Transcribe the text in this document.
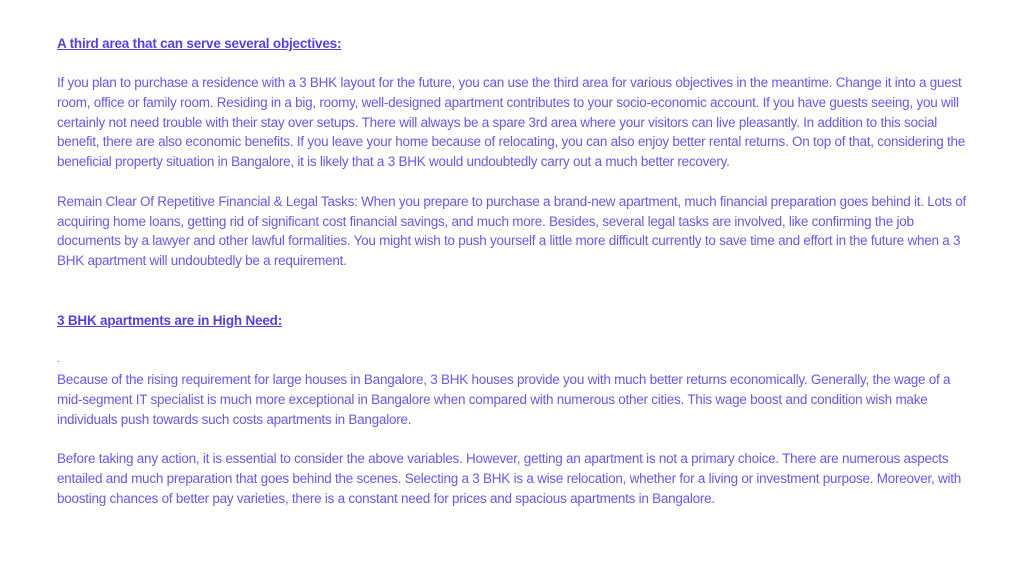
A third area that can serve several objectives:

If you plan to purchase a residence with a 3 BHK layout for the future, you can use the third area for various objectives in the meantime. Change it into a guest room, office or family room. Residing in a big, roomy, well-designed apartment contributes to your socio-economic account. If you have guests seeing, you will certainly not need trouble with their stay over setups. There will always be a spare 3rd area where your visitors can live pleasantly. In addition to this social benefit, there are also economic benefits. If you leave your home because of relocating, you can also enjoy better rental returns. On top of that, considering the beneficial property situation in Bangalore, it is likely that a 3 BHK would undoubtedly carry out a much better recovery.

Remain Clear Of Repetitive Financial & Legal Tasks: When you prepare to purchase a brand-new apartment, much financial preparation goes behind it. Lots of acquiring home loans, getting rid of significant cost financial savings, and much more. Besides, several legal tasks are involved, like confirming the job documents by a lawyer and other lawful formalities. You might wish to push yourself a little more difficult currently to save time and effort in the future when a 3 BHK apartment will undoubtedly be a requirement.

3 BHK apartments are in High Need:

.

Because of the rising requirement for large houses in Bangalore, 3 BHK houses provide you with much better returns economically. Generally, the wage of a mid-segment IT specialist is much more exceptional in Bangalore when compared with numerous other cities. This wage boost and condition wish make individuals push towards such costs apartments in Bangalore.

Before taking any action, it is essential to consider the above variables. However, getting an apartment is not a primary choice. There are numerous aspects entailed and much preparation that goes behind the scenes. Selecting a 3 BHK is a wise relocation, whether for a living or investment purpose. Moreover, with boosting chances of better pay varieties, there is a constant need for prices and spacious apartments in Bangalore.
